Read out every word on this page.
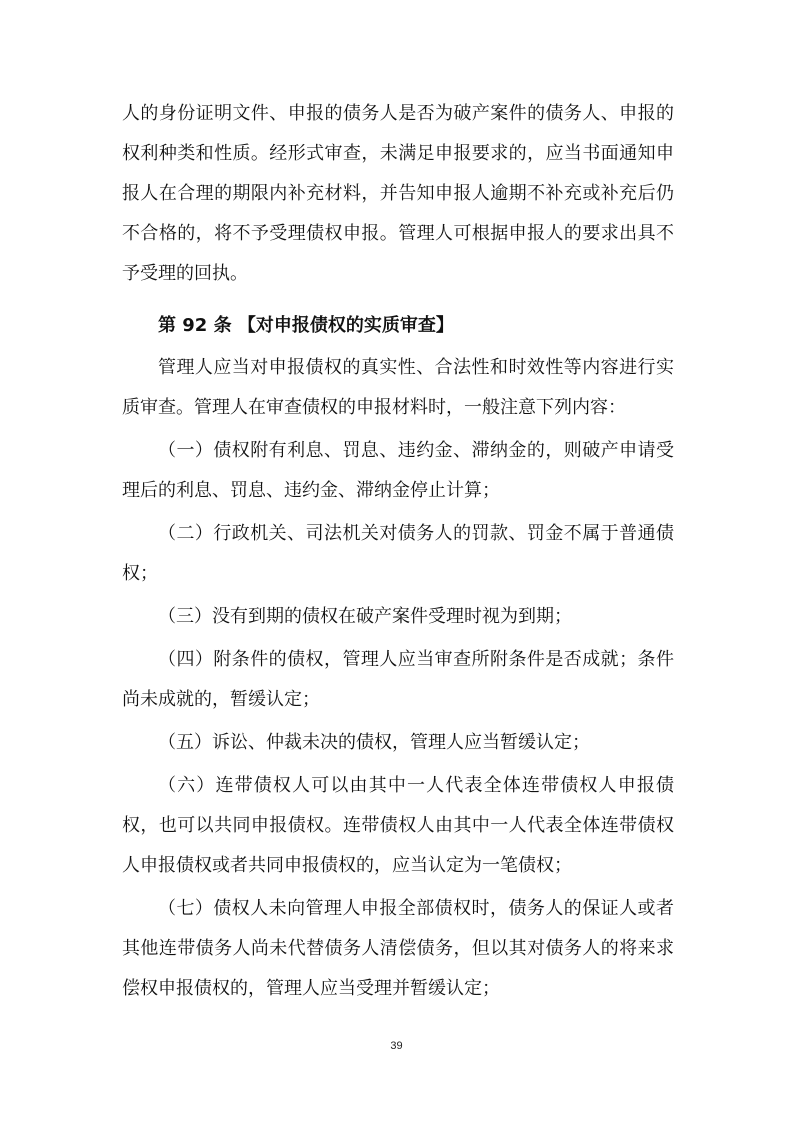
人的身份证明文件、申报的债务人是否为破产案件的债务人、申报的
权利种类和性质。经形式审查，未满足申报要求的，应当书面通知申
报人在合理的期限内补充材料，并告知申报人逾期不补充或补充后仍
不合格的，将不予受理债权申报。管理人可根据申报人的要求出具不
予受理的回执。
第 92 条 【对申报债权的实质审查】
管理人应当对申报债权的真实性、合法性和时效性等内容进行实
质审查。管理人在审查债权的申报材料时，一般注意下列内容：
（一）债权附有利息、罚息、违约金、滞纳金的，则破产申请受
理后的利息、罚息、违约金、滞纳金停止计算；
（二）行政机关、司法机关对债务人的罚款、罚金不属于普通债
权；
（三）没有到期的债权在破产案件受理时视为到期；
（四）附条件的债权，管理人应当审查所附条件是否成就；条件
尚未成就的，暂缓认定；
（五）诉讼、仲裁未决的债权，管理人应当暂缓认定；
（六）连带债权人可以由其中一人代表全体连带债权人申报债
权，也可以共同申报债权。连带债权人由其中一人代表全体连带债权
人申报债权或者共同申报债权的，应当认定为一笔债权；
（七）债权人未向管理人申报全部债权时，债务人的保证人或者
其他连带债务人尚未代替债务人清偿债务，但以其对债务人的将来求
偿权申报债权的，管理人应当受理并暂缓认定；
39
